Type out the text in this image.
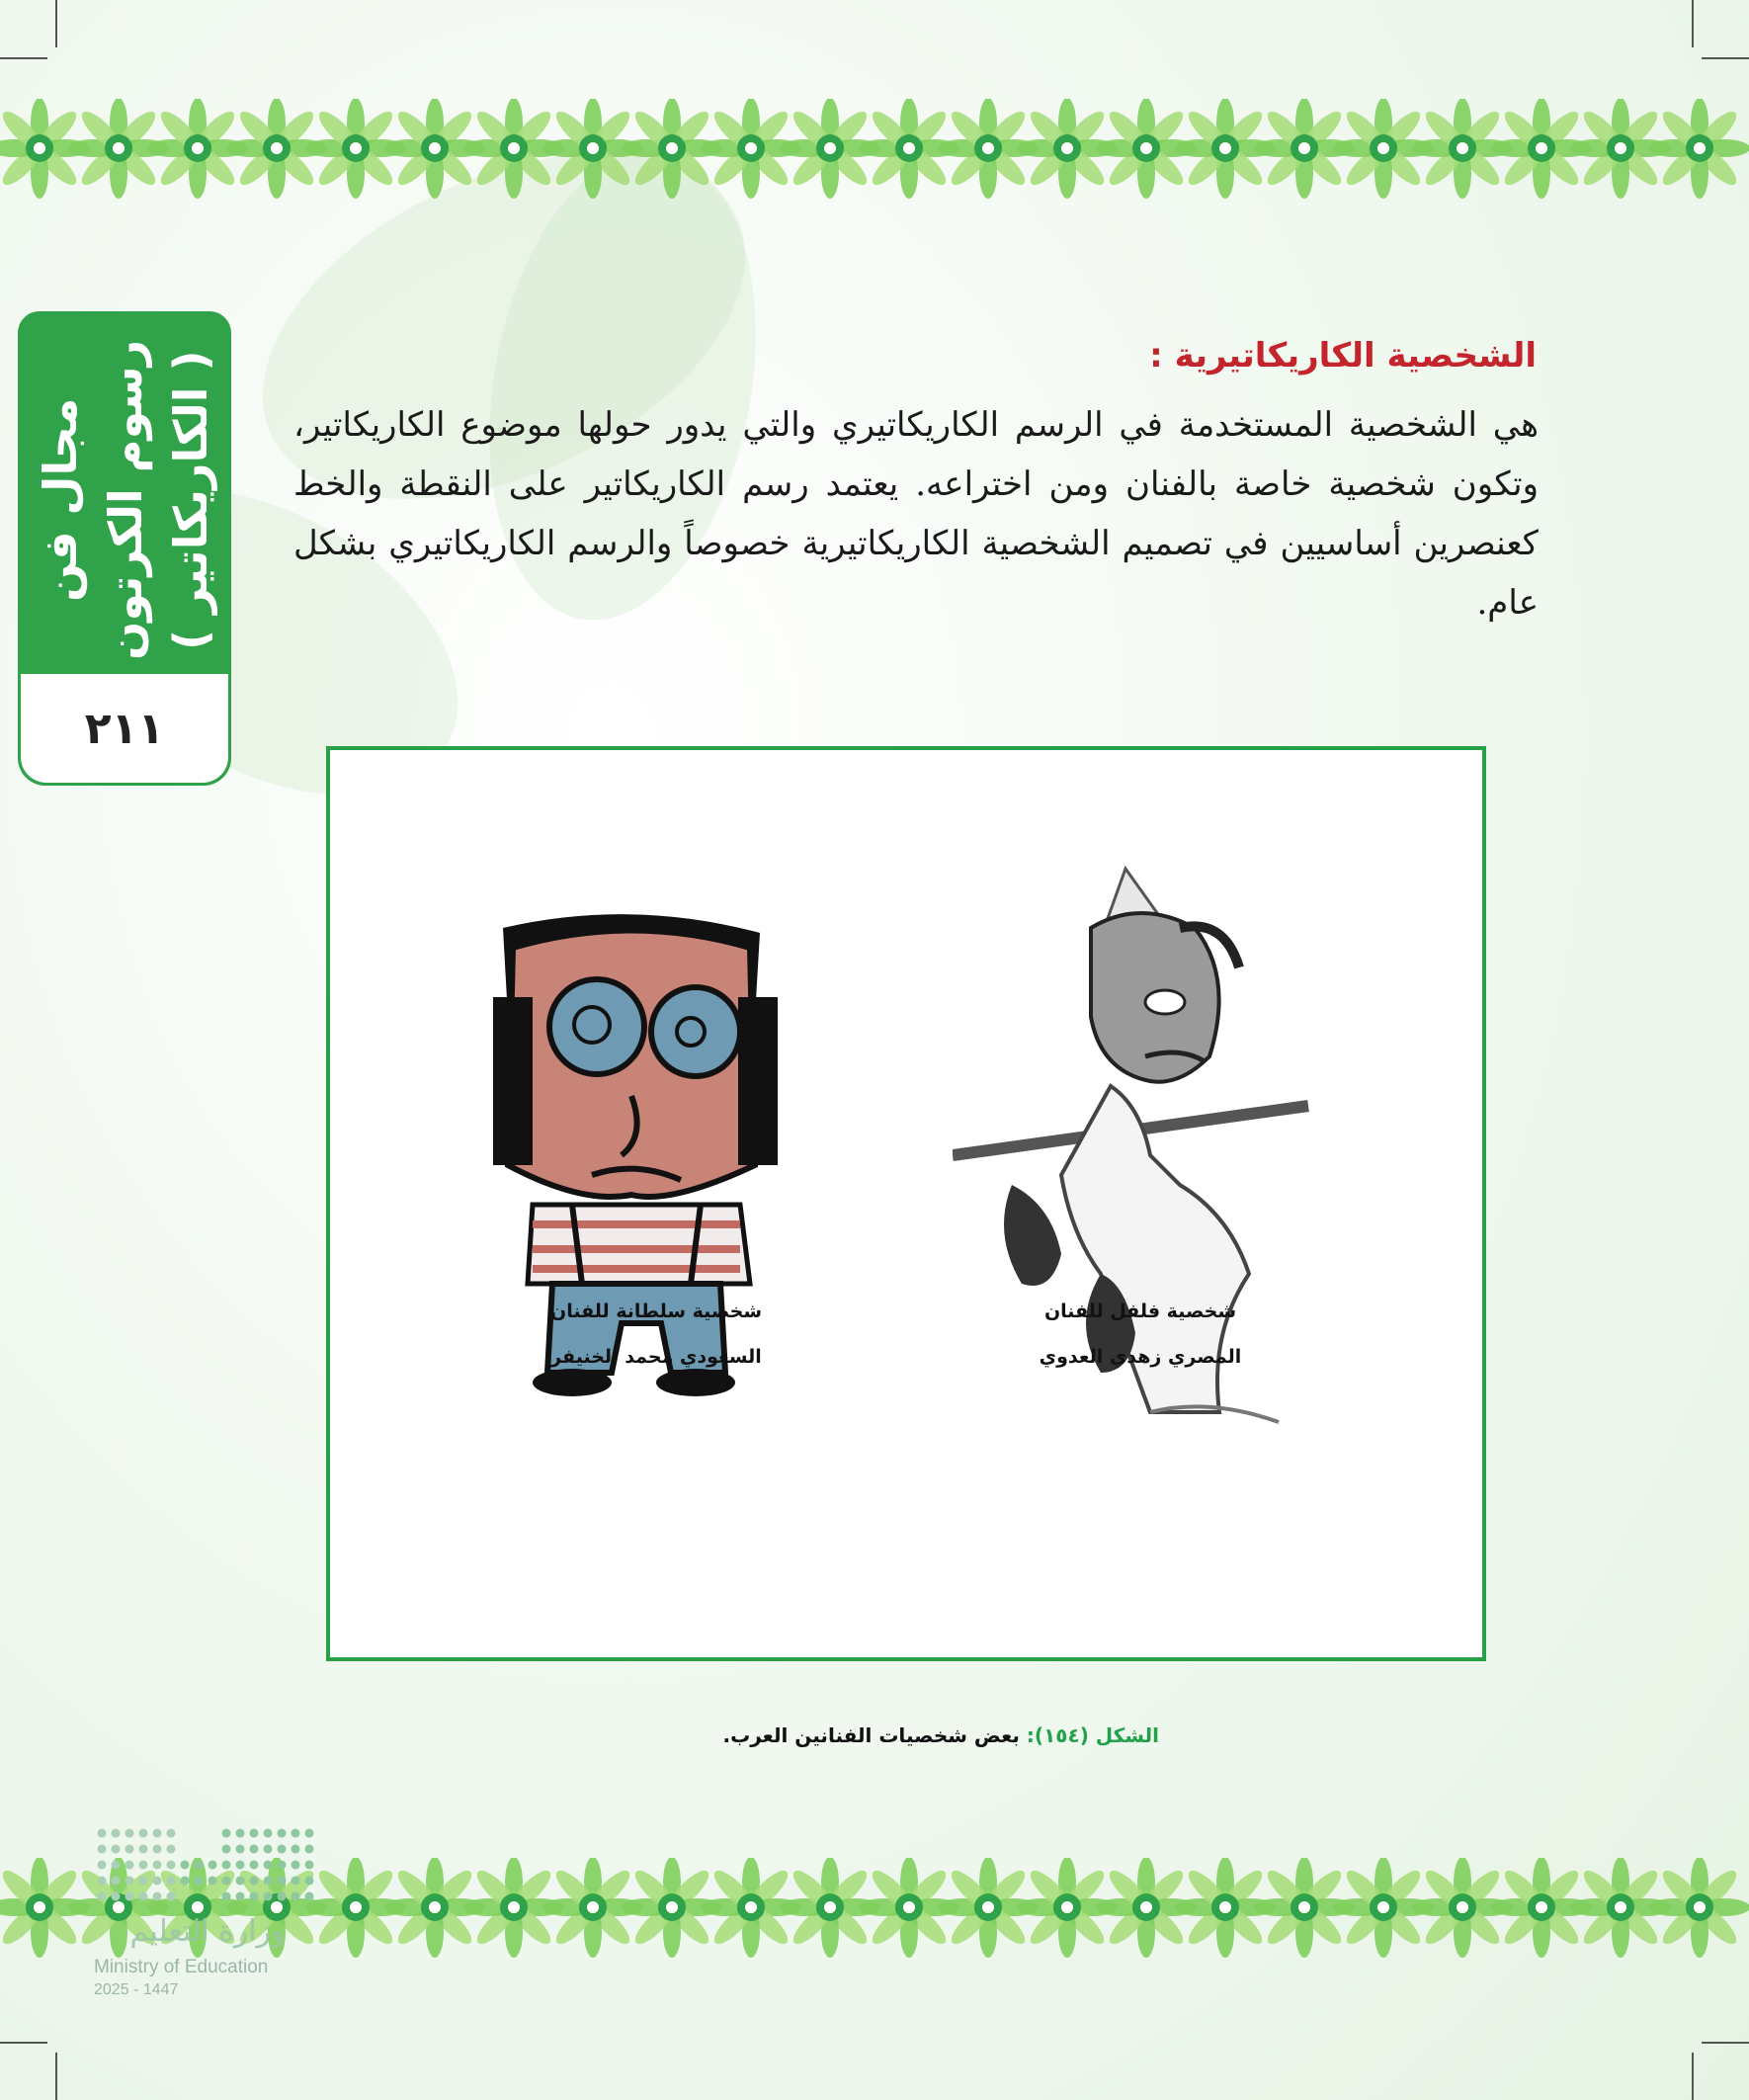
مجال فن رسوم الكرتون ( الكاريكاتير )
٢١١
الشخصية الكاريكاتيرية :
هي الشخصية المستخدمة في الرسم الكاريكاتيري والتي يدور حولها موضوع الكاريكاتير، وتكون شخصية خاصة بالفنان ومن اختراعه. يعتمد رسم الكاريكاتير على النقطة والخط كعنصرين أساسيين في تصميم الشخصية الكاريكاتيرية خصوصاً والرسم الكاريكاتيري بشكل عام.
شخصية سلطانة للفنان
السعودي محمد الخنيفر
شخصية فلفل للفنان
المصري زهدي العدوي
الشكل (١٥٤): بعض شخصيات الفنانين العرب.
وزارة التعليم
Ministry of Education
2025 - 1447
